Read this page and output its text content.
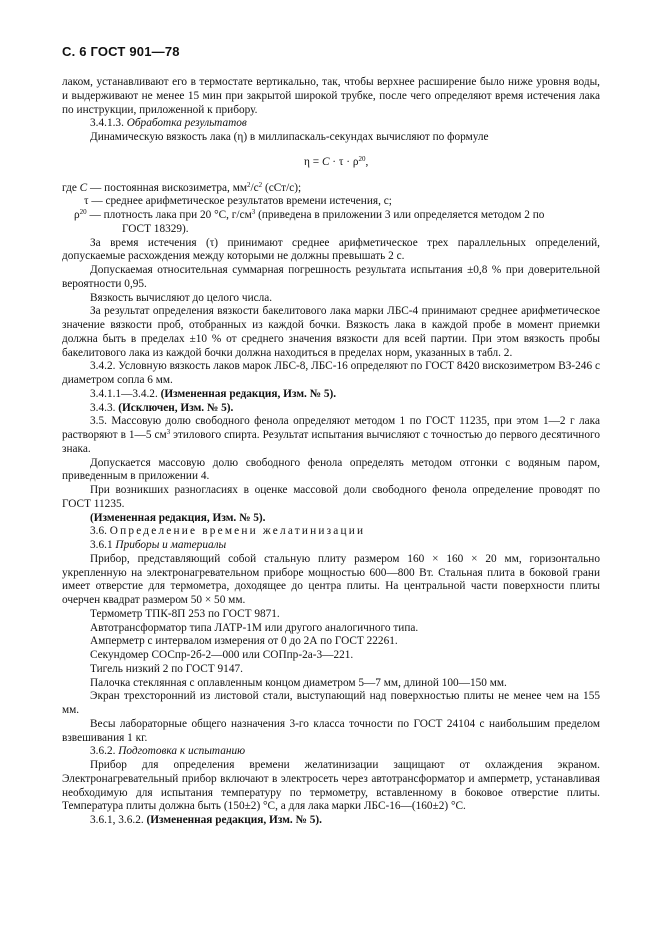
С. 6 ГОСТ 901—78

лаком, устанавливают его в термостате вертикально, так, чтобы верхнее расширение было ниже уровня воды, и выдерживают не менее 15 мин при закрытой широкой трубке, после чего определяют время истечения лака по инструкции, приложенной к прибору.

3.4.1.3. Обработка результатов

Динамическую вязкость лака (η) в миллипаскаль-секундах вычисляют по формуле

$\eta = C \cdot \tau \cdot \rho^{20}$,

где C — постоянная вискозиметра, $мм^2/с^2$ (сСт/с);

τ — среднее арифметическое результатов времени истечения, с;

$\rho^{20}$ — плотность лака при 20 °С, $г/см^3$ (приведена в приложении 3 или определяется методом 2 по

ГОСТ 18329).

За время истечения (τ) принимают среднее арифметическое трех параллельных определений, допускаемые расхождения между которыми не должны превышать 2 с.

Допускаемая относительная суммарная погрешность результата испытания ±0,8 % при доверительной вероятности 0,95.

Вязкость вычисляют до целого числа.

За результат определения вязкости бакелитового лака марки ЛБС-4 принимают среднее арифметическое значение вязкости проб, отобранных из каждой бочки. Вязкость лака в каждой пробе в момент приемки должна быть в пределах ±10 % от среднего значения вязкости для всей партии. При этом вязкость пробы бакелитового лака из каждой бочки должна находиться в пределах норм, указанных в табл. 2.

3.4.2. Условную вязкость лаков марок ЛБС-8, ЛБС-16 определяют по ГОСТ 8420 вискозиметром ВЗ-246 с диаметром сопла 6 мм.

3.4.1.1—3.4.2. (Измененная редакция, Изм. № 5).

3.4.3. (Исключен, Изм. № 5).

3.5. Массовую долю свободного фенола определяют методом 1 по ГОСТ 11235, при этом 1—2 г лака растворяют в 1—5 $см^3$ этилового спирта. Результат испытания вычисляют с точностью до первого десятичного знака.

Допускается массовую долю свободного фенола определять методом отгонки с водяным паром, приведенным в приложении 4.

При возникших разногласиях в оценке массовой доли свободного фенола определение проводят по ГОСТ 11235.

(Измененная редакция, Изм. № 5).

3.6. Определение времени желатинизации

3.6.1 Приборы и материалы

Прибор, представляющий собой стальную плиту размером 160 × 160 × 20 мм, горизонтально укрепленную на электронагревательном приборе мощностью 600—800 Вт. Стальная плита в боковой грани имеет отверстие для термометра, доходящее до центра плиты. На центральной части поверхности плиты очерчен квадрат размером 50 × 50 мм.

Термометр ТПК-8П 253 по ГОСТ 9871.

Автотрансформатор типа ЛАТР-1М или другого аналогичного типа.

Амперметр с интервалом измерения от 0 до 2А по ГОСТ 22261.

Секундомер СОСпр-2б-2—000 или СОПпр-2а-3—221.

Тигель низкий 2 по ГОСТ 9147.

Палочка стеклянная с оплавленным концом диаметром 5—7 мм, длиной 100—150 мм.

Экран трехсторонний из листовой стали, выступающий над поверхностью плиты не менее чем на 155 мм.

Весы лабораторные общего назначения 3-го класса точности по ГОСТ 24104 с наибольшим пределом взвешивания 1 кг.

3.6.2. Подготовка к испытанию

Прибор для определения времени желатинизации защищают от охлаждения экраном. Электронагревательный прибор включают в электросеть через автотрансформатор и амперметр, устанавливая необходимую для испытания температуру по термометру, вставленному в боковое отверстие плиты. Температура плиты должна быть (150±2) °С, а для лака марки ЛБС-16—(160±2) °С.

3.6.1, 3.6.2. (Измененная редакция, Изм. № 5).
